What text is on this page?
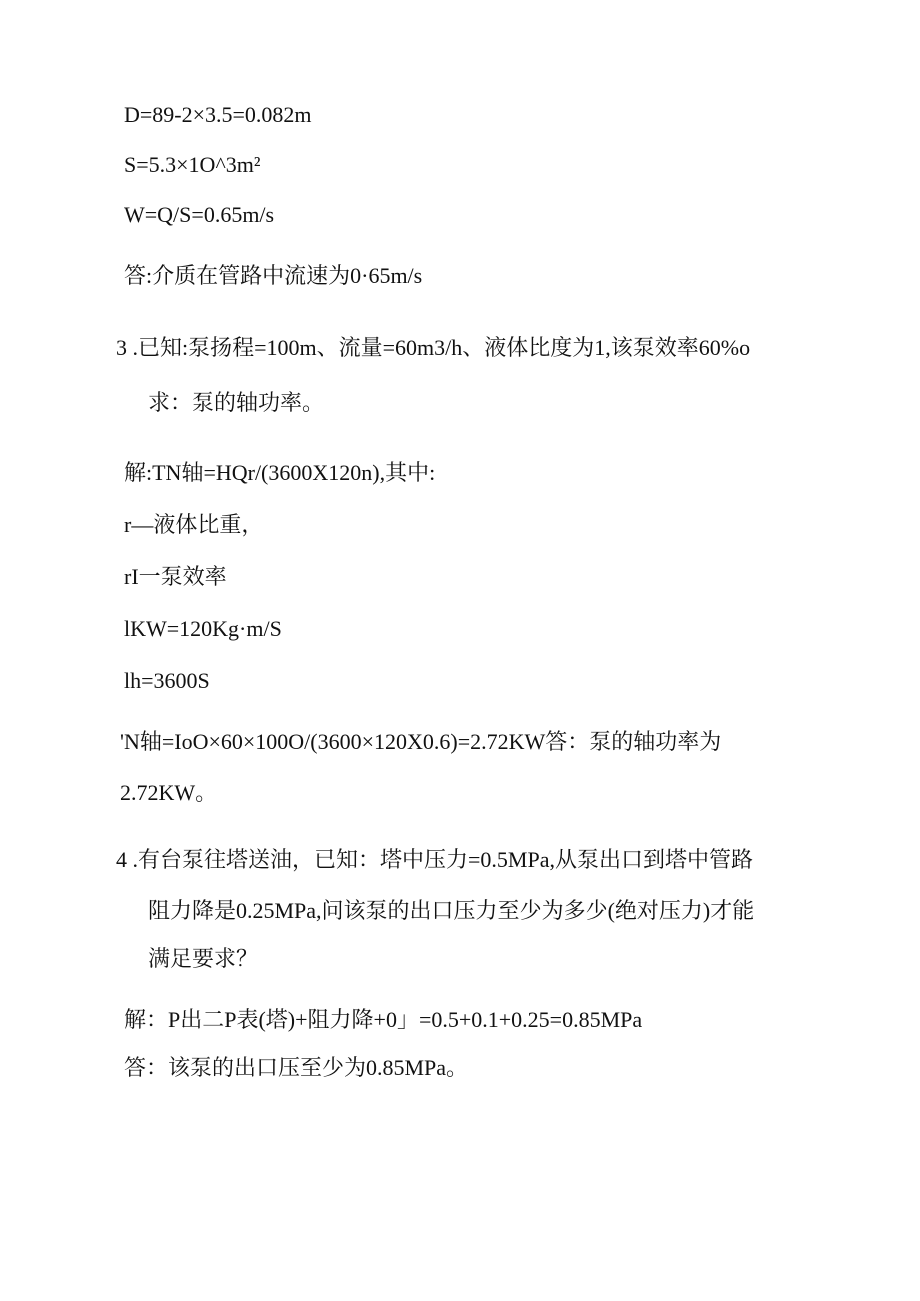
D=89-2×3.5=0.082m
S=5.3×1O^3m²
W=Q/S=0.65m/s
答:介质在管路中流速为0·65m/s
3 .已知:泵扬程=100m、流量=60m3/h、液体比度为1,该泵效率60%o
求：泵的轴功率。
解:TN轴=HQr/(3600X120n),其中:
r—液体比重，
rI一泵效率
lKW=120Kg·m/S
lh=3600S
'N轴=IoO×60×100O/(3600×120X0.6)=2.72KW答：泵的轴功率为
2.72KW。
4 .有台泵往塔送油，已知：塔中压力=0.5MPa,从泵出口到塔中管路
阻力降是0.25MPa,问该泵的出口压力至少为多少(绝对压力)才能
满足要求？
解：P出二P表(塔)+阻力降+0」=0.5+0.1+0.25=0.85MPa
答：该泵的出口压至少为0.85MPa。
